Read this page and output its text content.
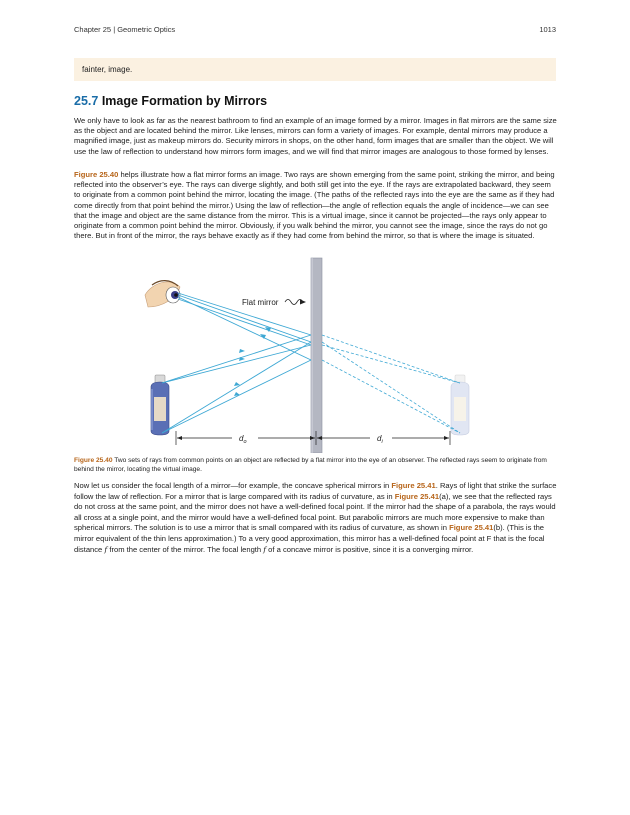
Chapter 25 | Geometric Optics	1013
fainter, image.
25.7 Image Formation by Mirrors
We only have to look as far as the nearest bathroom to find an example of an image formed by a mirror. Images in flat mirrors are the same size as the object and are located behind the mirror. Like lenses, mirrors can form a variety of images. For example, dental mirrors may produce a magnified image, just as makeup mirrors do. Security mirrors in shops, on the other hand, form images that are smaller than the object. We will use the law of reflection to understand how mirrors form images, and we will find that mirror images are analogous to those formed by lenses.
Figure 25.40 helps illustrate how a flat mirror forms an image. Two rays are shown emerging from the same point, striking the mirror, and being reflected into the observer’s eye. The rays can diverge slightly, and both still get into the eye. If the rays are extrapolated backward, they seem to originate from a common point behind the mirror, locating the image. (The paths of the reflected rays into the eye are the same as if they had come directly from that point behind the mirror.) Using the law of reflection—the angle of reflection equals the angle of incidence—we can see that the image and object are the same distance from the mirror. This is a virtual image, since it cannot be projected—the rays only appear to originate from a common point behind the mirror. Obviously, if you walk behind the mirror, you cannot see the image, since the rays do not go there. But in front of the mirror, the rays behave exactly as if they had come from behind the mirror, so that is where the image is situated.
Flat mirror
$d_o$	$d_i$
Figure 25.40 Two sets of rays from common points on an object are reflected by a flat mirror into the eye of an observer. The reflected rays seem to originate from behind the mirror, locating the virtual image.
Now let us consider the focal length of a mirror—for example, the concave spherical mirrors in Figure 25.41. Rays of light that strike the surface follow the law of reflection. For a mirror that is large compared with its radius of curvature, as in Figure 25.41(a), we see that the reflected rays do not cross at the same point, and the mirror does not have a well-defined focal point. If the mirror had the shape of a parabola, the rays would all cross at a single point, and the mirror would have a well-defined focal point. But parabolic mirrors are much more expensive to make than spherical mirrors. The solution is to use a mirror that is small compared with its radius of curvature, as shown in Figure 25.41(b). (This is the mirror equivalent of the thin lens approximation.) To a very good approximation, this mirror has a well-defined focal point at F that is the focal distance f from the center of the mirror. The focal length f of a concave mirror is positive, since it is a converging mirror.
